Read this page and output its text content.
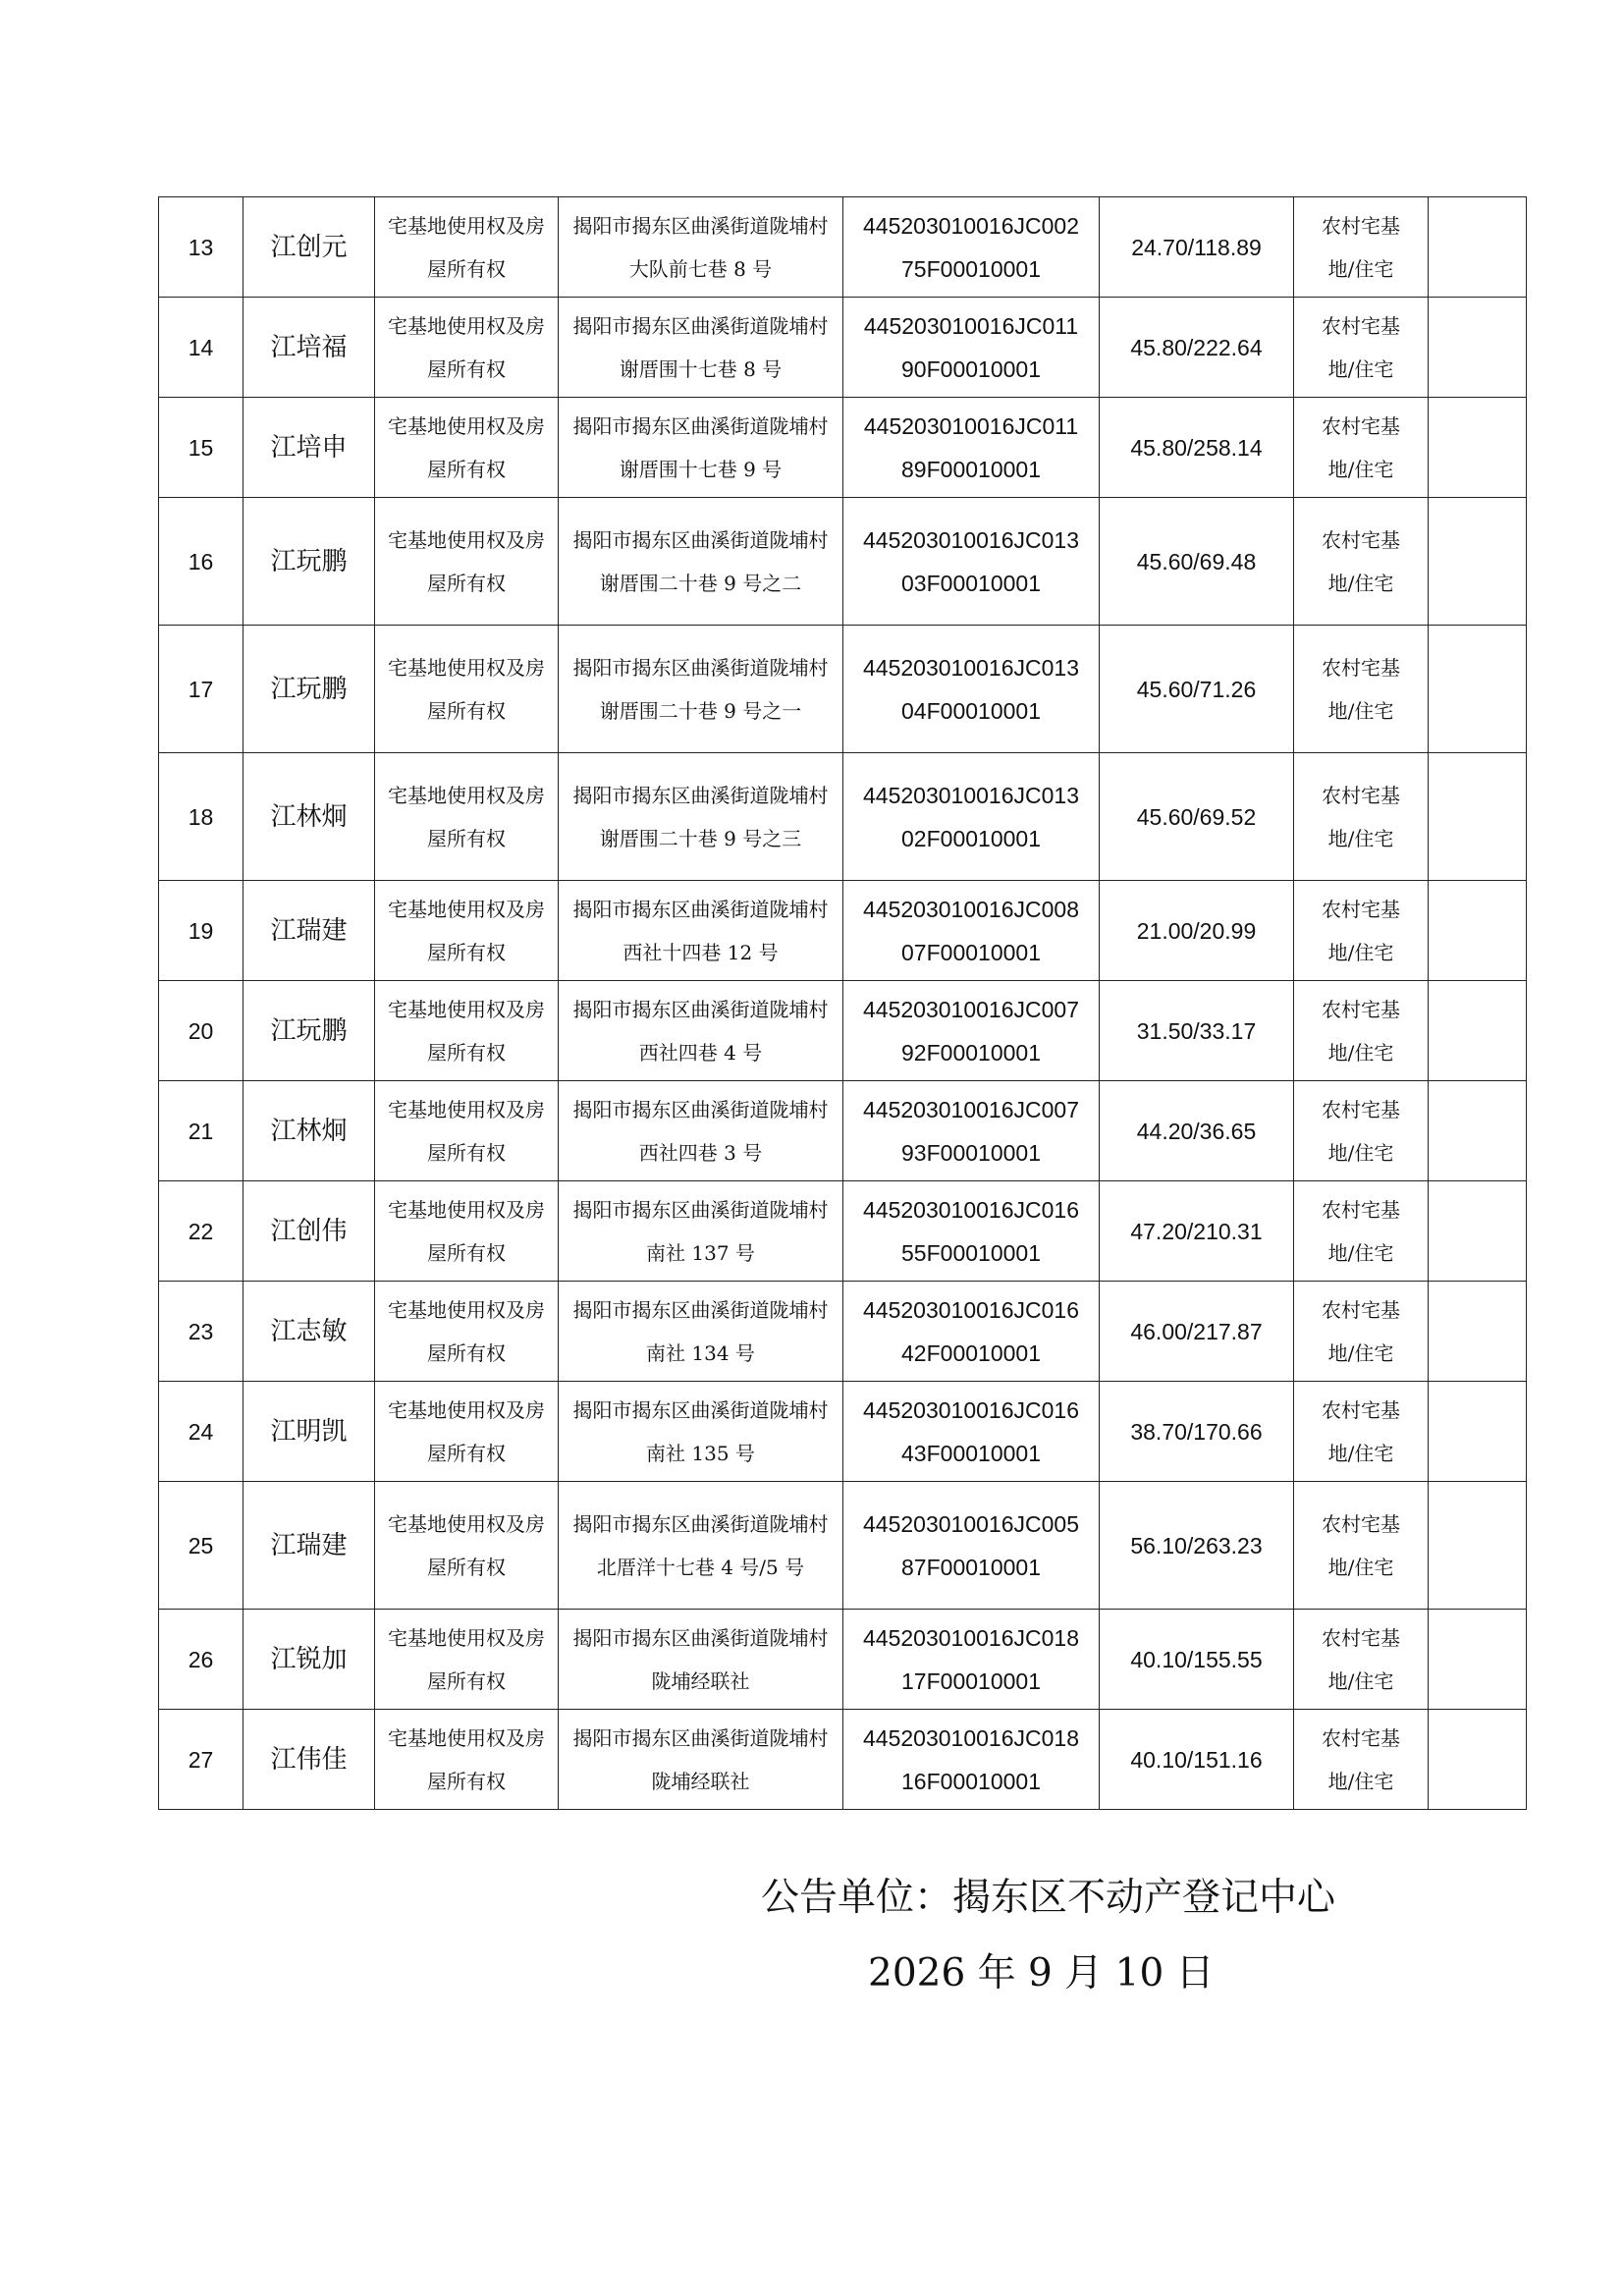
13	江创元	宅基地使用权及房屋所有权	揭阳市揭东区曲溪街道陇埔村大队前七巷 8 号	445203010016JC00275F00010001	24.70/118.89	农村宅基地/住宅	
14	江培福	宅基地使用权及房屋所有权	揭阳市揭东区曲溪街道陇埔村谢厝围十七巷 8 号	445203010016JC01190F00010001	45.80/222.64	农村宅基地/住宅	
15	江培申	宅基地使用权及房屋所有权	揭阳市揭东区曲溪街道陇埔村谢厝围十七巷 9 号	445203010016JC01189F00010001	45.80/258.14	农村宅基地/住宅	
16	江玩鹏	宅基地使用权及房屋所有权	揭阳市揭东区曲溪街道陇埔村谢厝围二十巷 9 号之二	445203010016JC01303F00010001	45.60/69.48	农村宅基地/住宅	
17	江玩鹏	宅基地使用权及房屋所有权	揭阳市揭东区曲溪街道陇埔村谢厝围二十巷 9 号之一	445203010016JC01304F00010001	45.60/71.26	农村宅基地/住宅	
18	江林炯	宅基地使用权及房屋所有权	揭阳市揭东区曲溪街道陇埔村谢厝围二十巷 9 号之三	445203010016JC01302F00010001	45.60/69.52	农村宅基地/住宅	
19	江瑞建	宅基地使用权及房屋所有权	揭阳市揭东区曲溪街道陇埔村西社十四巷 12 号	445203010016JC00807F00010001	21.00/20.99	农村宅基地/住宅	
20	江玩鹏	宅基地使用权及房屋所有权	揭阳市揭东区曲溪街道陇埔村西社四巷 4 号	445203010016JC00792F00010001	31.50/33.17	农村宅基地/住宅	
21	江林炯	宅基地使用权及房屋所有权	揭阳市揭东区曲溪街道陇埔村西社四巷 3 号	445203010016JC00793F00010001	44.20/36.65	农村宅基地/住宅	
22	江创伟	宅基地使用权及房屋所有权	揭阳市揭东区曲溪街道陇埔村南社 137 号	445203010016JC01655F00010001	47.20/210.31	农村宅基地/住宅	
23	江志敏	宅基地使用权及房屋所有权	揭阳市揭东区曲溪街道陇埔村南社 134 号	445203010016JC01642F00010001	46.00/217.87	农村宅基地/住宅	
24	江明凯	宅基地使用权及房屋所有权	揭阳市揭东区曲溪街道陇埔村南社 135 号	445203010016JC01643F00010001	38.70/170.66	农村宅基地/住宅	
25	江瑞建	宅基地使用权及房屋所有权	揭阳市揭东区曲溪街道陇埔村北厝洋十七巷 4 号/5 号	445203010016JC00587F00010001	56.10/263.23	农村宅基地/住宅	
26	江锐加	宅基地使用权及房屋所有权	揭阳市揭东区曲溪街道陇埔村陇埔经联社	445203010016JC01817F00010001	40.10/155.55	农村宅基地/住宅	
27	江伟佳	宅基地使用权及房屋所有权	揭阳市揭东区曲溪街道陇埔村陇埔经联社	445203010016JC01816F00010001	40.10/151.16	农村宅基地/住宅	
公告单位：揭东区不动产登记中心
2026 年 9 月 10 日
